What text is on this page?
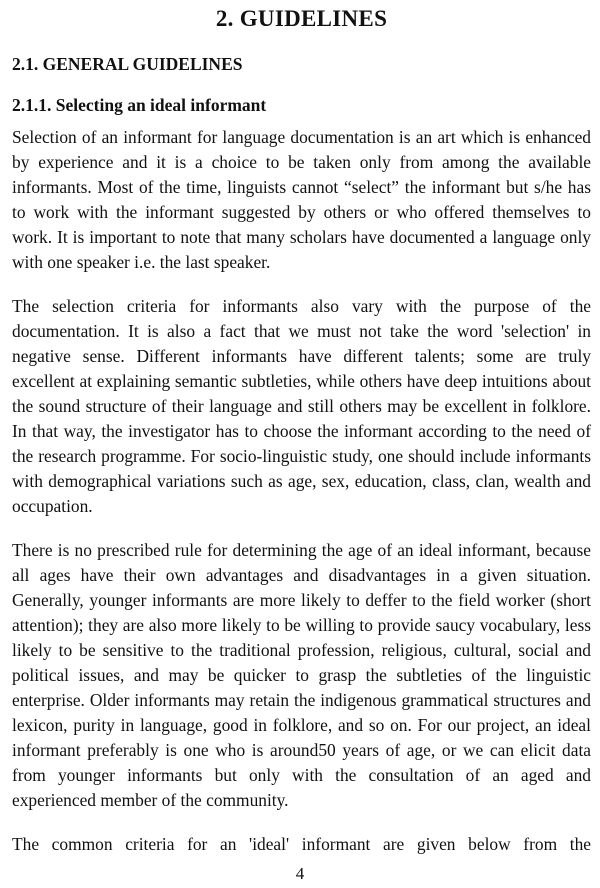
2. GUIDELINES
2.1. GENERAL GUIDELINES
2.1.1. Selecting an ideal informant

Selection of an informant for language documentation is an art which is enhanced by experience and it is a choice to be taken only from among the available informants. Most of the time, linguists cannot “select” the informant but s/he has to work with the informant suggested by others or who offered themselves to work. It is important to note that many scholars have documented a language only with one speaker i.e. the last speaker.

The selection criteria for informants also vary with the purpose of the documentation. It is also a fact that we must not take the word 'selection' in negative sense. Different informants have different talents; some are truly excellent at explaining semantic subtleties, while others have deep intuitions about the sound structure of their language and still others may be excellent in folklore. In that way, the investigator has to choose the informant according to the need of the research programme. For socio-linguistic study, one should include informants with demographical variations such as age, sex, education, class, clan, wealth and occupation.

There is no prescribed rule for determining the age of an ideal informant, because all ages have their own advantages and disadvantages in a given situation. Generally, younger informants are more likely to deffer to the field worker (short attention); they are also more likely to be willing to provide saucy vocabulary, less likely to be sensitive to the traditional profession, religious, cultural, social and political issues, and may be quicker to grasp the subtleties of the linguistic enterprise. Older informants may retain the indigenous grammatical structures and lexicon, purity in language, good in folklore, and so on. For our project, an ideal informant preferably is one who is around50 years of age, or we can elicit data from younger informants but only with the consultation of an aged and experienced member of the community.

The common criteria for an 'ideal' informant are given below from the

4
